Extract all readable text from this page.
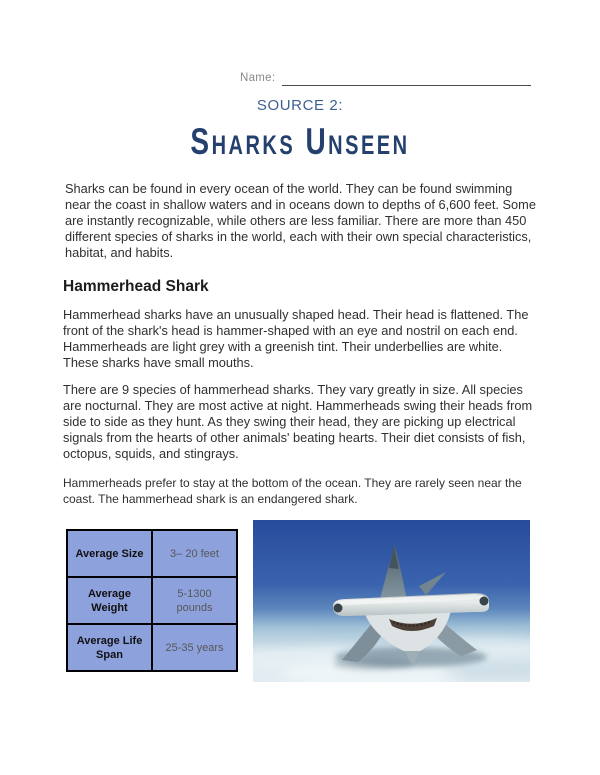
Name:
SOURCE 2:
Sharks Unseen

Sharks can be found in every ocean of the world. They can be found swimming near the coast in shallow waters and in oceans down to depths of 6,600 feet. Some are instantly recognizable, while others are less familiar. There are more than 450 different species of sharks in the world, each with their own special characteristics, habitat, and habits.

Hammerhead Shark

Hammerhead sharks have an unusually shaped head. Their head is flattened. The front of the shark's head is hammer-shaped with an eye and nostril on each end. Hammerheads are light grey with a greenish tint. Their underbellies are white. These sharks have small mouths.

There are 9 species of hammerhead sharks. They vary greatly in size. All species are nocturnal. They are most active at night. Hammerheads swing their heads from side to side as they hunt. As they swing their head, they are picking up electrical signals from the hearts of other animals' beating hearts. Their diet consists of fish, octopus, squids, and stingrays.

Hammerheads prefer to stay at the bottom of the ocean. They are rarely seen near the coast. The hammerhead shark is an endangered shark.

Average Size	3– 20 feet
Average Weight	5-1300 pounds
Average Life Span	25-35 years
